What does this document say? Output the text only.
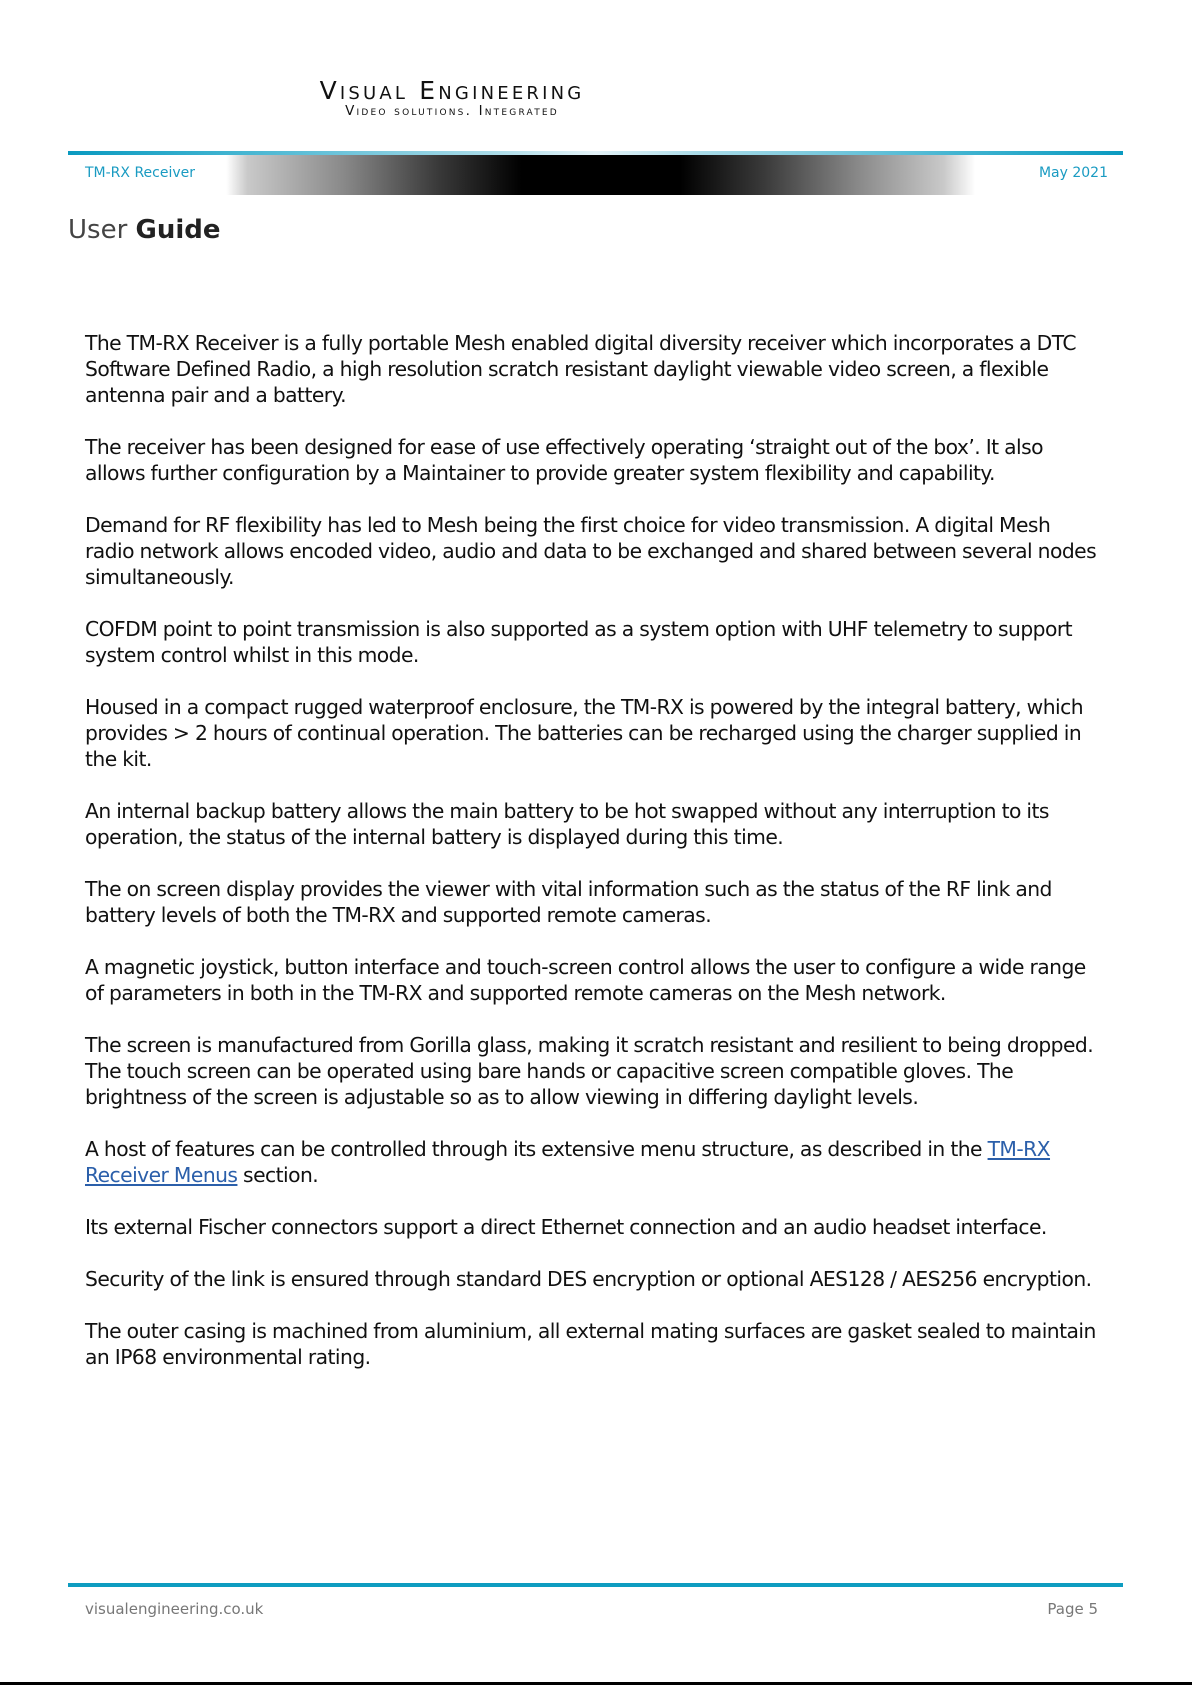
Visual Engineering
Video solutions. Integrated
TM-RX Receiver	May 2021
User Guide

The TM-RX Receiver is a fully portable Mesh enabled digital diversity receiver which incorporates a DTC Software Defined Radio, a high resolution scratch resistant daylight viewable video screen, a flexible antenna pair and a battery.

The receiver has been designed for ease of use effectively operating ‘straight out of the box’. It also allows further configuration by a Maintainer to provide greater system flexibility and capability.

Demand for RF flexibility has led to Mesh being the first choice for video transmission. A digital Mesh radio network allows encoded video, audio and data to be exchanged and shared between several nodes simultaneously.

COFDM point to point transmission is also supported as a system option with UHF telemetry to support system control whilst in this mode.

Housed in a compact rugged waterproof enclosure, the TM-RX is powered by the integral battery, which provides > 2 hours of continual operation. The batteries can be recharged using the charger supplied in the kit.

An internal backup battery allows the main battery to be hot swapped without any interruption to its operation, the status of the internal battery is displayed during this time.

The on screen display provides the viewer with vital information such as the status of the RF link and battery levels of both the TM-RX and supported remote cameras.

A magnetic joystick, button interface and touch-screen control allows the user to configure a wide range of parameters in both in the TM-RX and supported remote cameras on the Mesh network.

The screen is manufactured from Gorilla glass, making it scratch resistant and resilient to being dropped. The touch screen can be operated using bare hands or capacitive screen compatible gloves. The brightness of the screen is adjustable so as to allow viewing in differing daylight levels.

A host of features can be controlled through its extensive menu structure, as described in the TM-RX Receiver Menus section.

Its external Fischer connectors support a direct Ethernet connection and an audio headset interface.

Security of the link is ensured through standard DES encryption or optional AES128 / AES256 encryption.

The outer casing is machined from aluminium, all external mating surfaces are gasket sealed to maintain an IP68 environmental rating.

visualengineering.co.uk	Page 5
